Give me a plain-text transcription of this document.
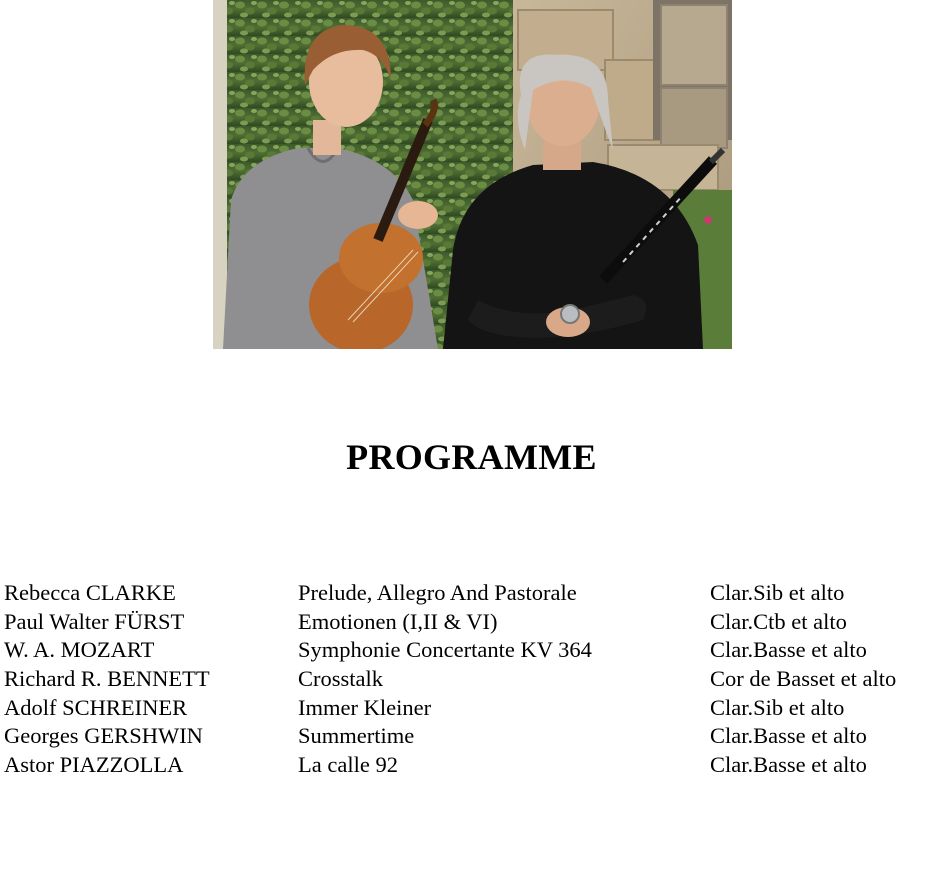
PROGRAMME
Rebecca CLARKE	Prelude, Allegro And Pastorale	Clar.Sib et alto
Paul Walter FÜRST	Emotionen (I,II & VI)	Clar.Ctb et alto
W. A. MOZART	Symphonie Concertante KV 364	Clar.Basse et alto
Richard R. BENNETT	Crosstalk	Cor de Basset et alto
Adolf SCHREINER	Immer Kleiner	Clar.Sib et alto
Georges GERSHWIN	Summertime	Clar.Basse et alto
Astor PIAZZOLLA	La calle 92	Clar.Basse et alto
